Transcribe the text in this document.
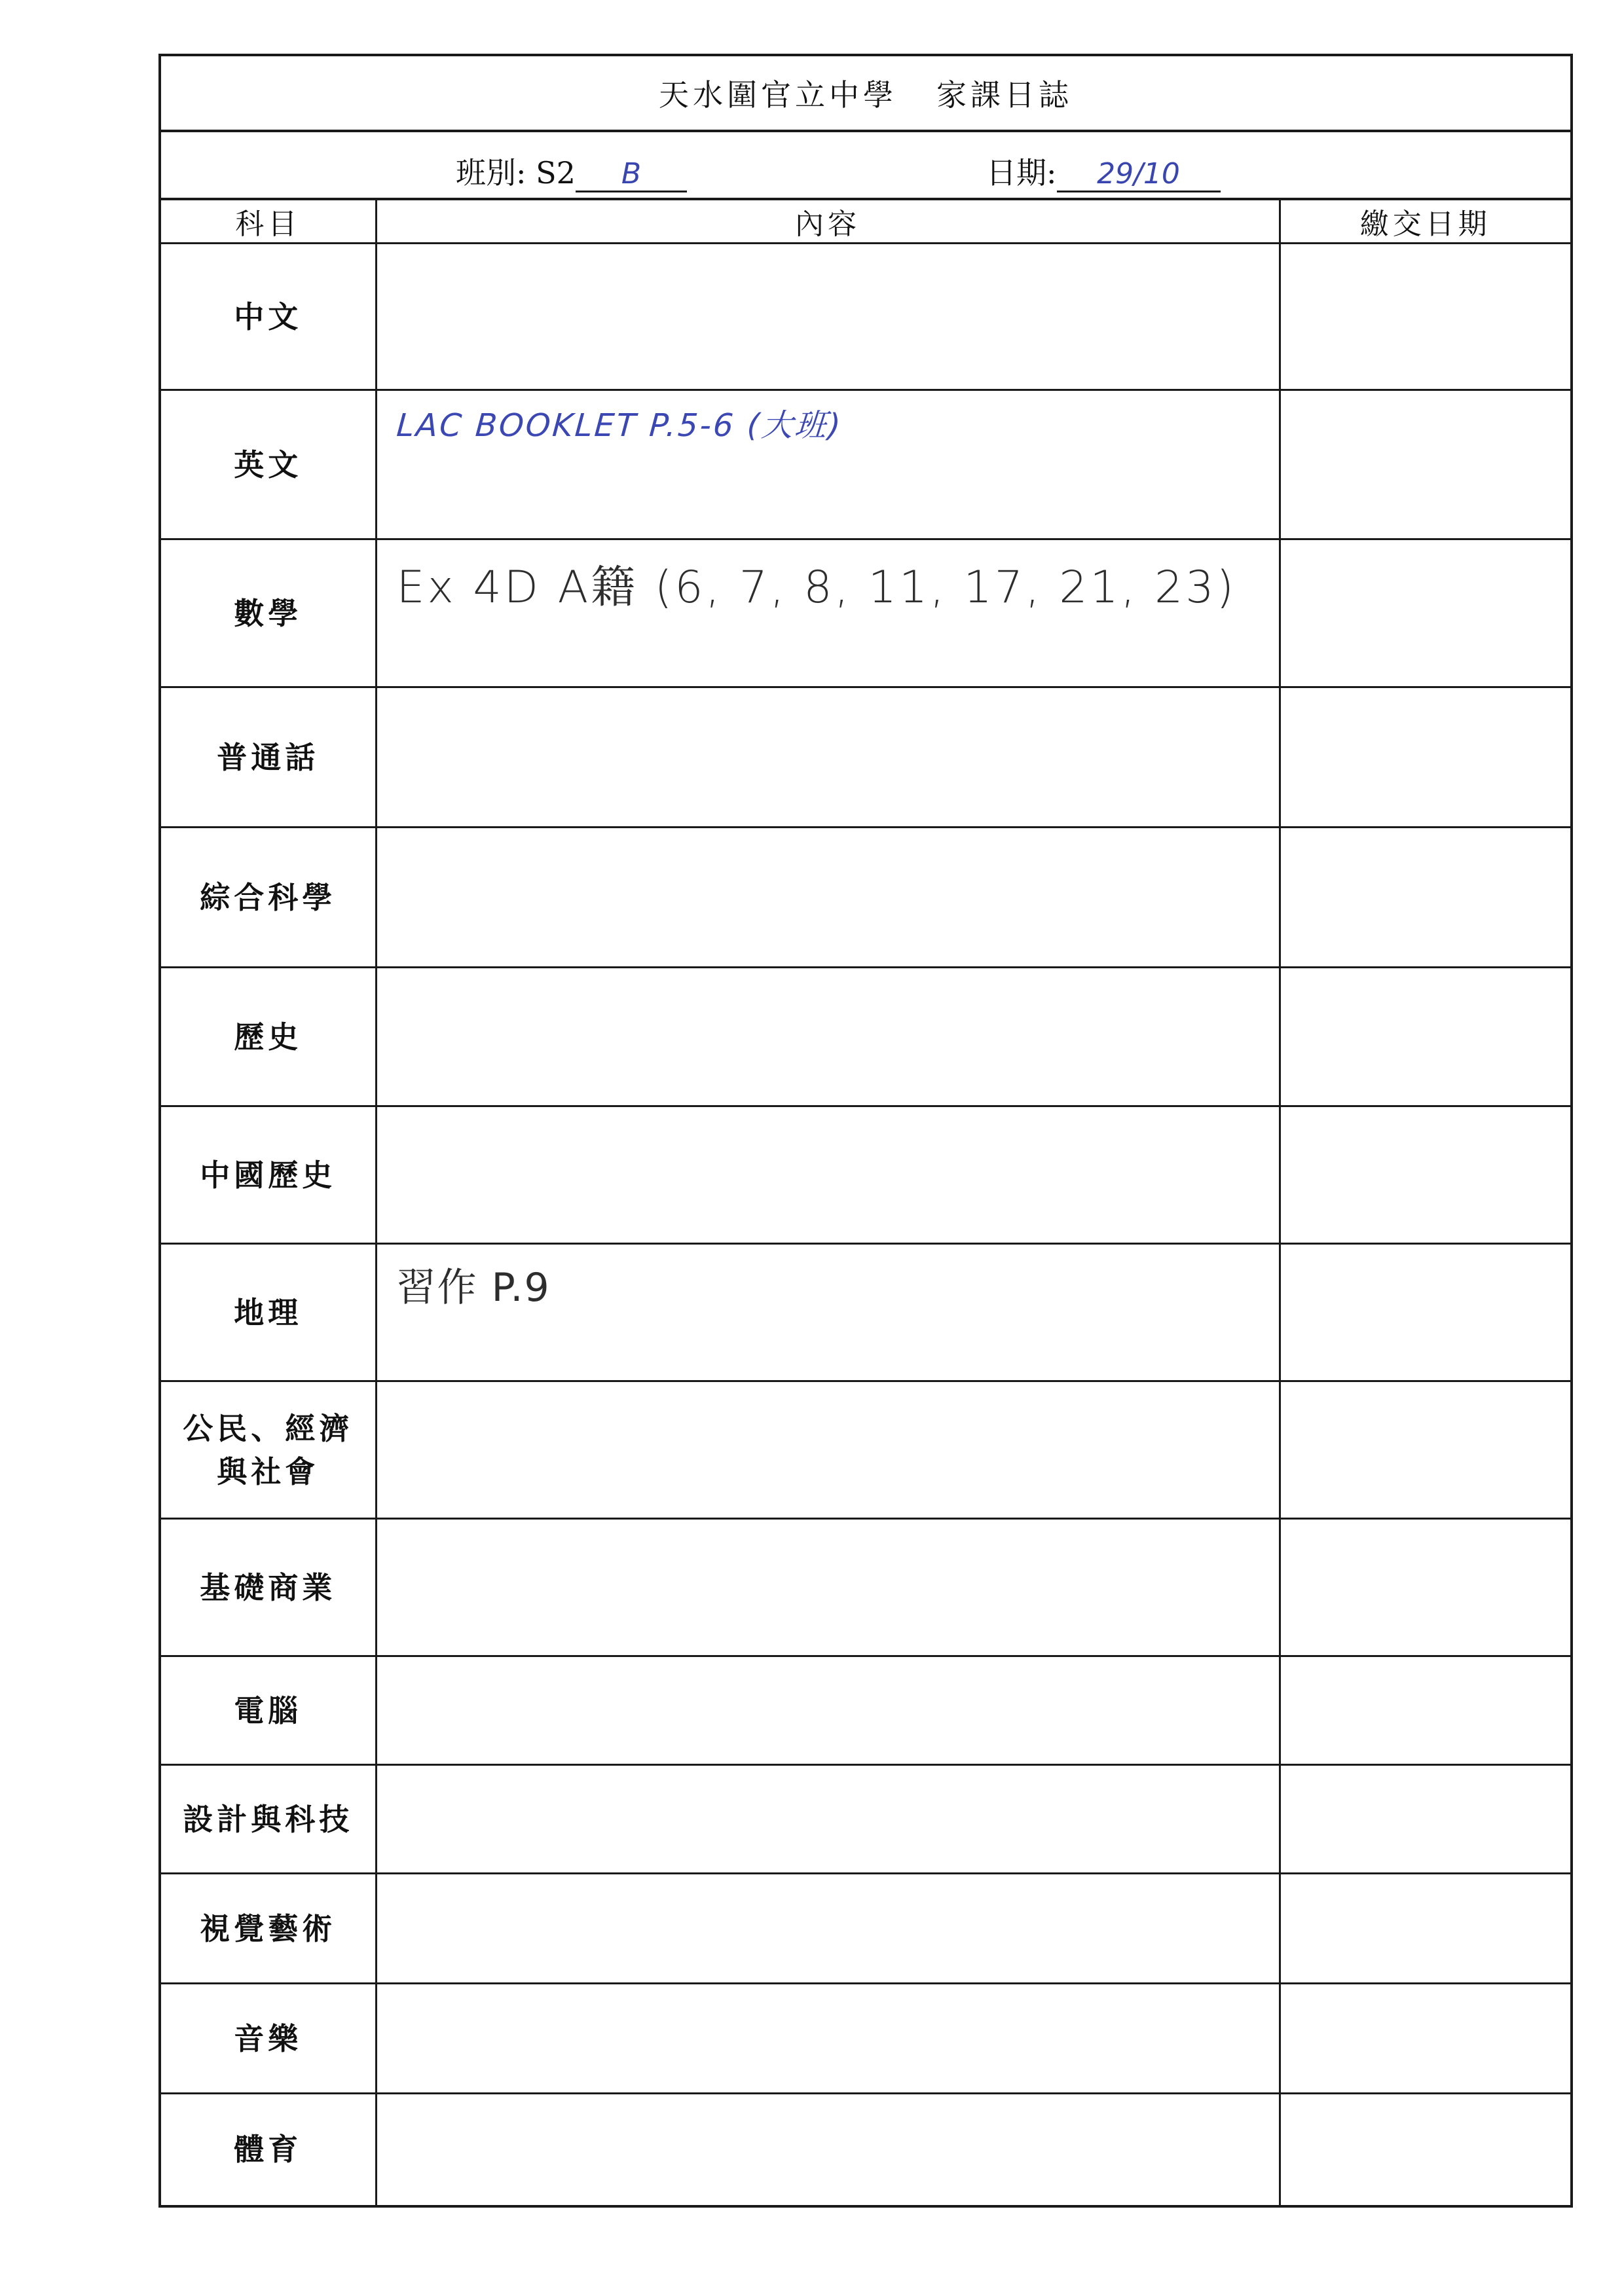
天水圍官立中學 家課日誌
班別: S2	B	日期:	29/10
科目	內容	繳交日期
中文		
英文	LAC BOOKLET P.5-6 (大班)	

數學	Ex 4D A籍 (6, 7, 8, 11, 17, 21, 23)	

普通話		
綜合科學		
歷史		
中國歷史		
地理	習作 P.9	

公民、經濟
與社會		
基礎商業		
電腦		
設計與科技		
視覺藝術		
音樂		
體育		
